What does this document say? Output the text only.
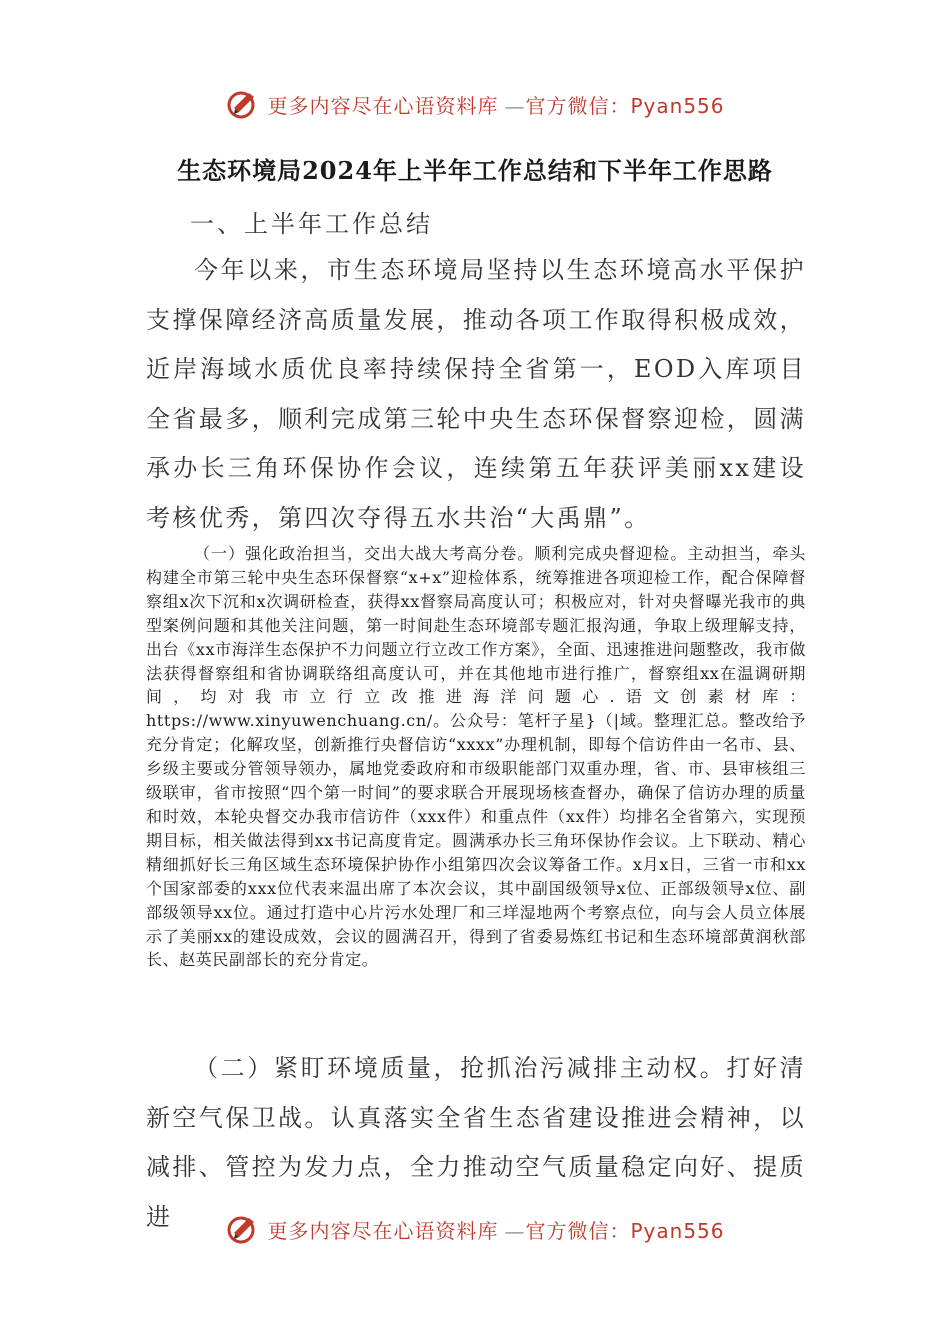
更多内容尽在心语资料库 —官方微信：Pyan556
生态环境局2024年上半年工作总结和下半年工作思路
一、上半年工作总结
今年以来，市生态环境局坚持以生态环境高水平保护支撑保障经济高质量发展，推动各项工作取得积极成效，近岸海域水质优良率持续保持全省第一，EOD入库项目全省最多，顺利完成第三轮中央生态环保督察迎检，圆满承办长三角环保协作会议，连续第五年获评美丽xx建设考核优秀，第四次夺得五水共治“大禹鼎”。
（一）强化政治担当，交出大战大考高分卷。顺利完成央督迎检。主动担当，牵头构建全市第三轮中央生态环保督察“x+x”迎检体系，统筹推进各项迎检工作，配合保障督察组x次下沉和x次调研检查，获得xx督察局高度认可；积极应对，针对央督曝光我市的典型案例问题和其他关注问题，第一时间赴生态环境部专题汇报沟通，争取上级理解支持，出台《xx市海洋生态保护不力问题立行立改工作方案》，全面、迅速推进问题整改，我市做法获得督察组和省协调联络组高度认可，并在其他地市进行推广，督察组xx在温调研期间，均对我市立行立改推进海洋问题心.语文创素材库：https://www.xinyuwenchuang.cn/。公众号：笔杆子星}（|域。整理汇总。整改给予充分肯定；化解攻坚，创新推行央督信访“xxxx”办理机制，即每个信访件由一名市、县、乡级主要或分管领导领办，属地党委政府和市级职能部门双重办理，省、市、县审核组三级联审，省市按照“四个第一时间”的要求联合开展现场核查督办，确保了信访办理的质量和时效，本轮央督交办我市信访件（xxx件）和重点件（xx件）均排名全省第六，实现预期目标，相关做法得到xx书记高度肯定。圆满承办长三角环保协作会议。上下联动、精心精细抓好长三角区域生态环境保护协作小组第四次会议筹备工作。x月x日，三省一市和xx个国家部委的xxx位代表来温出席了本次会议，其中副国级领导x位、正部级领导x位、副部级领导xx位。通过打造中心片污水处理厂和三垟湿地两个考察点位，向与会人员立体展示了美丽xx的建设成效，会议的圆满召开，得到了省委易炼红书记和生态环境部黄润秋部长、赵英民副部长的充分肯定。
（二）紧盯环境质量，抢抓治污减排主动权。打好清新空气保卫战。认真落实全省生态省建设推进会精神，以减排、管控为发力点，全力推动空气质量稳定向好、提质进	更多内容尽在心语资料库 —官方微信：Pyan556
